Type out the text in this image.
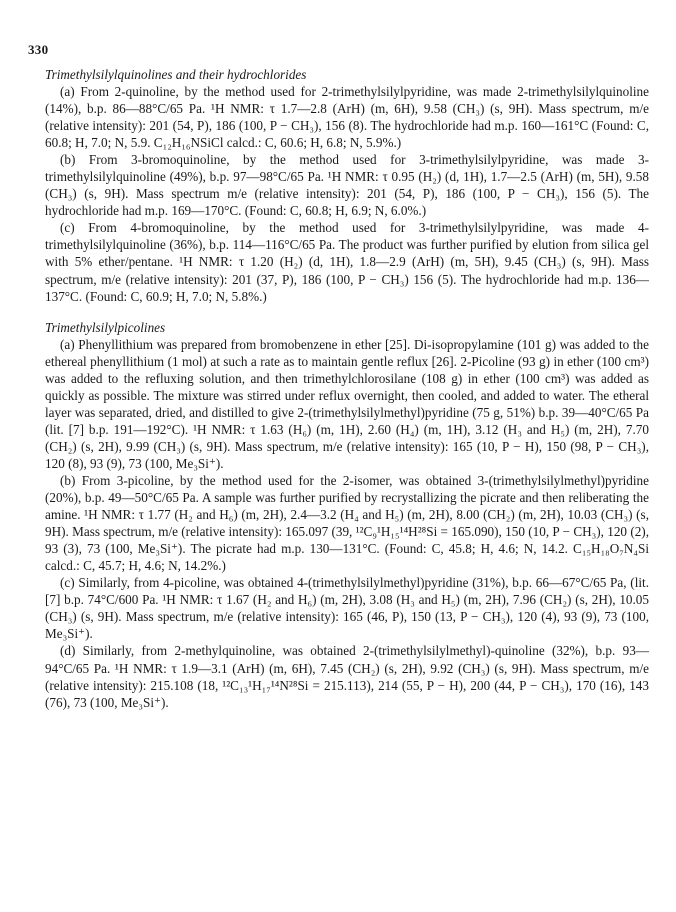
330
Trimethylsilylquinolines and their hydrochlorides

(a) From 2-quinoline, by the method used for 2-trimethylsilylpyridine, was made 2-trimethylsilylquinoline (14%), b.p. 86—88°C/65 Pa. ¹H NMR: τ 1.7—2.8 (ArH) (m, 6H), 9.58 (CH₃) (s, 9H). Mass spectrum, m/e (relative intensity): 201 (54, P), 186 (100, P − CH₃), 156 (8). The hydrochloride had m.p. 160—161°C (Found: C, 60.8; H, 7.0; N, 5.9. C₁₂H₁₆NSiCl calcd.: C, 60.6; H, 6.8; N, 5.9%.)

(b) From 3-bromoquinoline, by the method used for 3-trimethylsilylpyridine, was made 3-trimethylsilylquinoline (49%), b.p. 97—98°C/65 Pa. ¹H NMR: τ 0.95 (H₂) (d, 1H), 1.7—2.5 (ArH) (m, 5H), 9.58 (CH₃) (s, 9H). Mass spectrum m/e (relative intensity): 201 (54, P), 186 (100, P − CH₃), 156 (5). The hydrochloride had m.p. 169—170°C. (Found: C, 60.8; H, 6.9; N, 6.0%.)

(c) From 4-bromoquinoline, by the method used for 3-trimethylsilylpyridine, was made 4-trimethylsilylquinoline (36%), b.p. 114—116°C/65 Pa. The product was further purified by elution from silica gel with 5% ether/pentane. ¹H NMR: τ 1.20 (H₂) (d, 1H), 1.8—2.9 (ArH) (m, 5H), 9.45 (CH₃) (s, 9H). Mass spectrum, m/e (relative intensity): 201 (37, P), 186 (100, P − CH₃) 156 (5). The hydrochloride had m.p. 136—137°C. (Found: C, 60.9; H, 7.0; N, 5.8%.)

Trimethylsilylpicolines

(a) Phenyllithium was prepared from bromobenzene in ether [25]. Di-isopropylamine (101 g) was added to the ethereal phenyllithium (1 mol) at such a rate as to maintain gentle reflux [26]. 2-Picoline (93 g) in ether (100 cm³) was added to the refluxing solution, and then trimethylchlorosilane (108 g) in ether (100 cm³) was added as quickly as possible. The mixture was stirred under reflux overnight, then cooled, and added to water. The etheral layer was separated, dried, and distilled to give 2-(trimethylsilylmethyl)pyridine (75 g, 51%) b.p. 39—40°C/65 Pa (lit. [7] b.p. 191—192°C). ¹H NMR: τ 1.63 (H₆) (m, 1H), 2.60 (H₄) (m, 1H), 3.12 (H₃ and H₅) (m, 2H), 7.70 (CH₂) (s, 2H), 9.99 (CH₃) (s, 9H). Mass spectrum, m/e (relative intensity): 165 (10, P − H), 150 (98, P − CH₃), 120 (8), 93 (9), 73 (100, Me₃Si⁺).

(b) From 3-picoline, by the method used for the 2-isomer, was obtained 3-(trimethylsilylmethyl)pyridine (20%), b.p. 49—50°C/65 Pa. A sample was further purified by recrystallizing the picrate and then reliberating the amine. ¹H NMR: τ 1.77 (H₂ and H₆) (m, 2H), 2.4—3.2 (H₄ and H₅) (m, 2H), 8.00 (CH₂) (m, 2H), 10.03 (CH₃) (s, 9H). Mass spectrum, m/e (relative intensity): 165.097 (39, ¹²C₉¹H₁₅¹⁴H²⁸Si = 165.090), 150 (10, P − CH₃), 120 (2), 93 (3), 73 (100, Me₃Si⁺). The picrate had m.p. 130—131°C. (Found: C, 45.8; H, 4.6; N, 14.2. C₁₅H₁₈O₇N₄Si calcd.: C, 45.7; H, 4.6; N, 14.2%.)

(c) Similarly, from 4-picoline, was obtained 4-(trimethylsilylmethyl)pyridine (31%), b.p. 66—67°C/65 Pa, (lit. [7] b.p. 74°C/600 Pa. ¹H NMR: τ 1.67 (H₂ and H₆) (m, 2H), 3.08 (H₃ and H₅) (m, 2H), 7.96 (CH₂) (s, 2H), 10.05 (CH₃) (s, 9H). Mass spectrum, m/e (relative intensity): 165 (46, P), 150 (13, P − CH₃), 120 (4), 93 (9), 73 (100, Me₃Si⁺).

(d) Similarly, from 2-methylquinoline, was obtained 2-(trimethylsilylmethyl)-quinoline (32%), b.p. 93—94°C/65 Pa. ¹H NMR: τ 1.9—3.1 (ArH) (m, 6H), 7.45 (CH₂) (s, 2H), 9.92 (CH₃) (s, 9H). Mass spectrum, m/e (relative intensity): 215.108 (18, ¹²C₁₃¹H₁₇¹⁴N²⁸Si = 215.113), 214 (55, P − H), 200 (44, P − CH₃), 170 (16), 143 (76), 73 (100, Me₃Si⁺).
